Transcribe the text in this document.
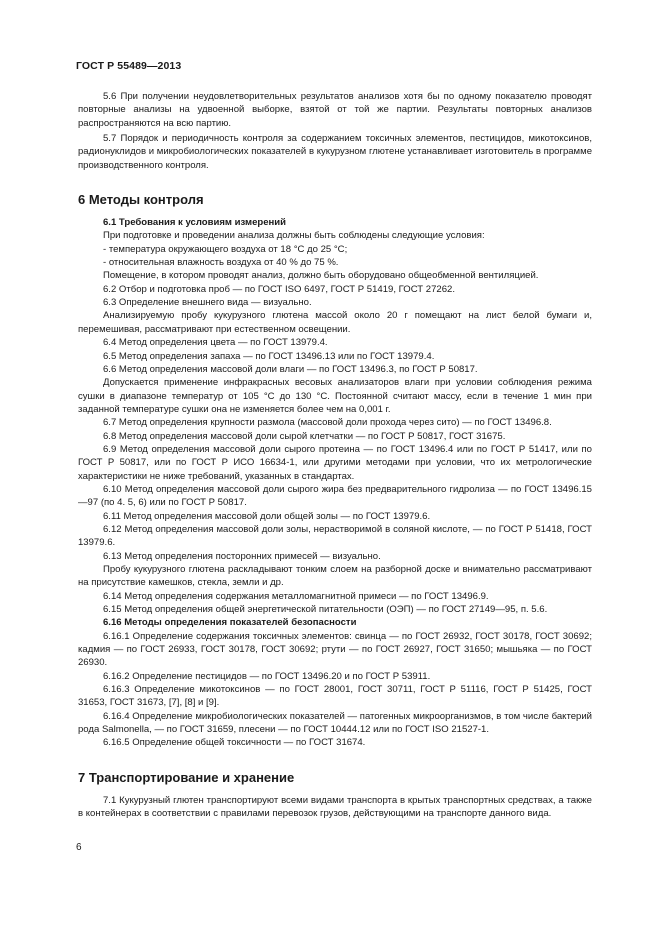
ГОСТ Р 55489—2013

5.6 При получении неудовлетворительных результатов анализов хотя бы по одному показателю проводят повторные анализы на удвоенной выборке, взятой от той же партии. Результаты повторных анализов распространяются на всю партию.

5.7 Порядок и периодичность контроля за содержанием токсичных элементов, пестицидов, микотоксинов, радионуклидов и микробиологических показателей в кукурузном глютене устанавливает изготовитель в программе производственного контроля.

6 Методы контроля

6.1 Требования к условиям измерений

При подготовке и проведении анализа должны быть соблюдены следующие условия:

- температура окружающего воздуха от 18 °С до 25 °С;

- относительная влажность воздуха от 40 % до 75 %.

Помещение, в котором проводят анализ, должно быть оборудовано общеобменной вентиляцией.

6.2 Отбор и подготовка проб — по ГОСТ ISO 6497, ГОСТ Р 51419, ГОСТ 27262.

6.3 Определение внешнего вида — визуально.

Анализируемую пробу кукурузного глютена массой около 20 г помещают на лист белой бумаги и, перемешивая, рассматривают при естественном освещении.

6.4 Метод определения цвета — по ГОСТ 13979.4.

6.5 Метод определения запаха — по ГОСТ 13496.13 или по ГОСТ 13979.4.

6.6 Метод определения массовой доли влаги — по ГОСТ 13496.3, по ГОСТ Р 50817.

Допускается применение инфракрасных весовых анализаторов влаги при условии соблюдения режима сушки в диапазоне температур от 105 °С до 130 °С. Постоянной считают массу, если в течение 1 мин при заданной температуре сушки она не изменяется более чем на 0,001 г.

6.7 Метод определения крупности размола (массовой доли прохода через сито) — по ГОСТ 13496.8.

6.8 Метод определения массовой доли сырой клетчатки — по ГОСТ Р 50817, ГОСТ 31675.

6.9 Метод определения массовой доли сырого протеина — по ГОСТ 13496.4 или по ГОСТ Р 51417, или по ГОСТ Р 50817, или по ГОСТ Р ИСО 16634-1, или другими методами при условии, что их метрологические характеристики не ниже требований, указанных в стандартах.

6.10 Метод определения массовой доли сырого жира без предварительного гидролиза — по ГОСТ 13496.15—97 (по 4. 5, 6) или по ГОСТ Р 50817.

6.11 Метод определения массовой доли общей золы — по ГОСТ 13979.6.

6.12 Метод определения массовой доли золы, нерастворимой в соляной кислоте, — по ГОСТ Р 51418, ГОСТ 13979.6.

6.13 Метод определения посторонних примесей — визуально.

Пробу кукурузного глютена раскладывают тонким слоем на разборной доске и внимательно рассматривают на присутствие камешков, стекла, земли и др.

6.14 Метод определения содержания металломагнитной примеси — по ГОСТ 13496.9.

6.15 Метод определения общей энергетической питательности (ОЭП) — по ГОСТ 27149—95, п. 5.6.

6.16 Методы определения показателей безопасности

6.16.1 Определение содержания токсичных элементов: свинца — по ГОСТ 26932, ГОСТ 30178, ГОСТ 30692; кадмия — по ГОСТ 26933, ГОСТ 30178, ГОСТ 30692; ртути — по ГОСТ 26927, ГОСТ 31650; мышьяка — по ГОСТ 26930.

6.16.2 Определение пестицидов — по ГОСТ 13496.20 и по ГОСТ Р 53911.

6.16.3 Определение микотоксинов — по ГОСТ 28001, ГОСТ 30711, ГОСТ Р 51116, ГОСТ Р 51425, ГОСТ 31653, ГОСТ 31673, [7], [8] и [9].

6.16.4 Определение микробиологических показателей — патогенных микроорганизмов, в том числе бактерий рода Salmonella, — по ГОСТ 31659, плесени — по ГОСТ 10444.12 или по ГОСТ ISO 21527-1.

6.16.5 Определение общей токсичности — по ГОСТ 31674.

7 Транспортирование и хранение

7.1 Кукурузный глютен транспортируют всеми видами транспорта в крытых транспортных средствах, а также в контейнерах в соответствии с правилами перевозок грузов, действующими на транспорте данного вида.

6
